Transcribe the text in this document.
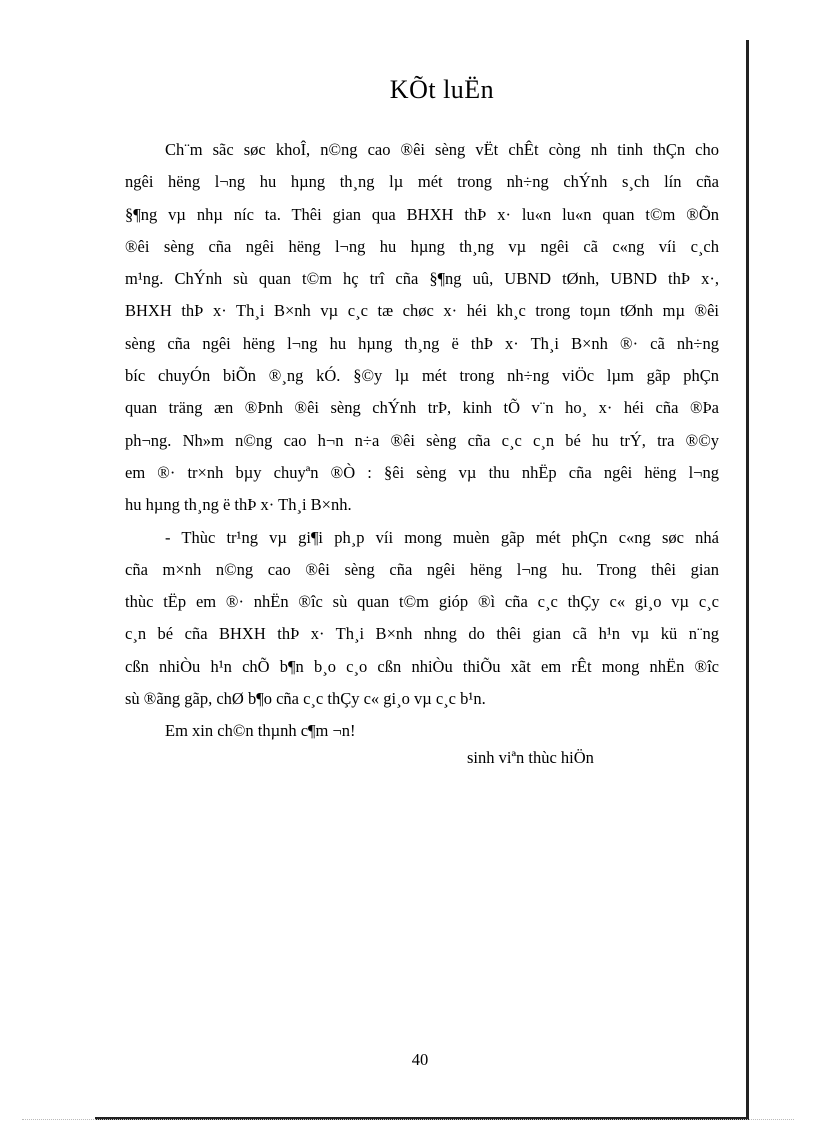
KÕt luËn
Ch¨m sãc søc khoÎ, n©ng cao ®êi sèng vËt chÊt còng nh tinh thÇn cho
ngêi hëng l¬ng hu hµng th¸ng lµ mét trong nh÷ng chÝnh s¸ch lín cña
§¶ng vµ nhµ níc ta. Thêi gian qua BHXH thÞ x· lu«n lu«n quan t©m ®Õn
®êi sèng cña ngêi hëng l¬ng hu hµng th¸ng vµ ngêi cã c«ng víi c¸ch
m¹ng. ChÝnh sù quan t©m hç trî cña §¶ng uû, UBND tØnh, UBND thÞ x·,
BHXH thÞ x· Th¸i B×nh vµ c¸c tæ chøc x· héi kh¸c trong toµn tØnh mµ ®êi
sèng cña ngêi hëng l¬ng hu hµng th¸ng ë thÞ x· Th¸i B×nh ®· cã nh÷ng
bíc chuyÓn biÕn ®¸ng kÓ. §©y lµ mét trong nh÷ng viÖc lµm gãp phÇn
quan träng æn ®Þnh ®êi sèng chÝnh trÞ, kinh tÕ v¨n ho¸ x· héi cña ®Þa
ph¬ng. Nh»m n©ng cao h¬n n÷a ®êi sèng cña c¸c c¸n bé hu trÝ, tra ®©y
em ®· tr×nh bµy chuyªn ®Ò : §êi sèng vµ thu nhËp cña ngêi hëng l¬ng
hu hµng th¸ng ë thÞ x· Th¸i B×nh.
- Thùc tr¹ng vµ gi¶i ph¸p víi mong muèn gãp mét phÇn c«ng søc nhá
cña m×nh n©ng cao ®êi sèng cña ngêi hëng l¬ng hu. Trong thêi gian
thùc tËp em ®· nhËn ®îc sù quan t©m gióp ®ì cña c¸c thÇy c« gi¸o vµ c¸c
c¸n bé cña BHXH thÞ x· Th¸i B×nh nhng do thêi gian cã h¹n vµ kü n¨ng
cßn nhiÒu h¹n chÕ b¶n b¸o c¸o cßn nhiÒu thiÕu xãt em rÊt mong nhËn ®îc
sù ®ãng gãp, chØ b¶o cña c¸c thÇy c« gi¸o vµ c¸c b¹n.
Em xin ch©n thµnh c¶m ¬n!
sinh viªn thùc hiÖn
40
